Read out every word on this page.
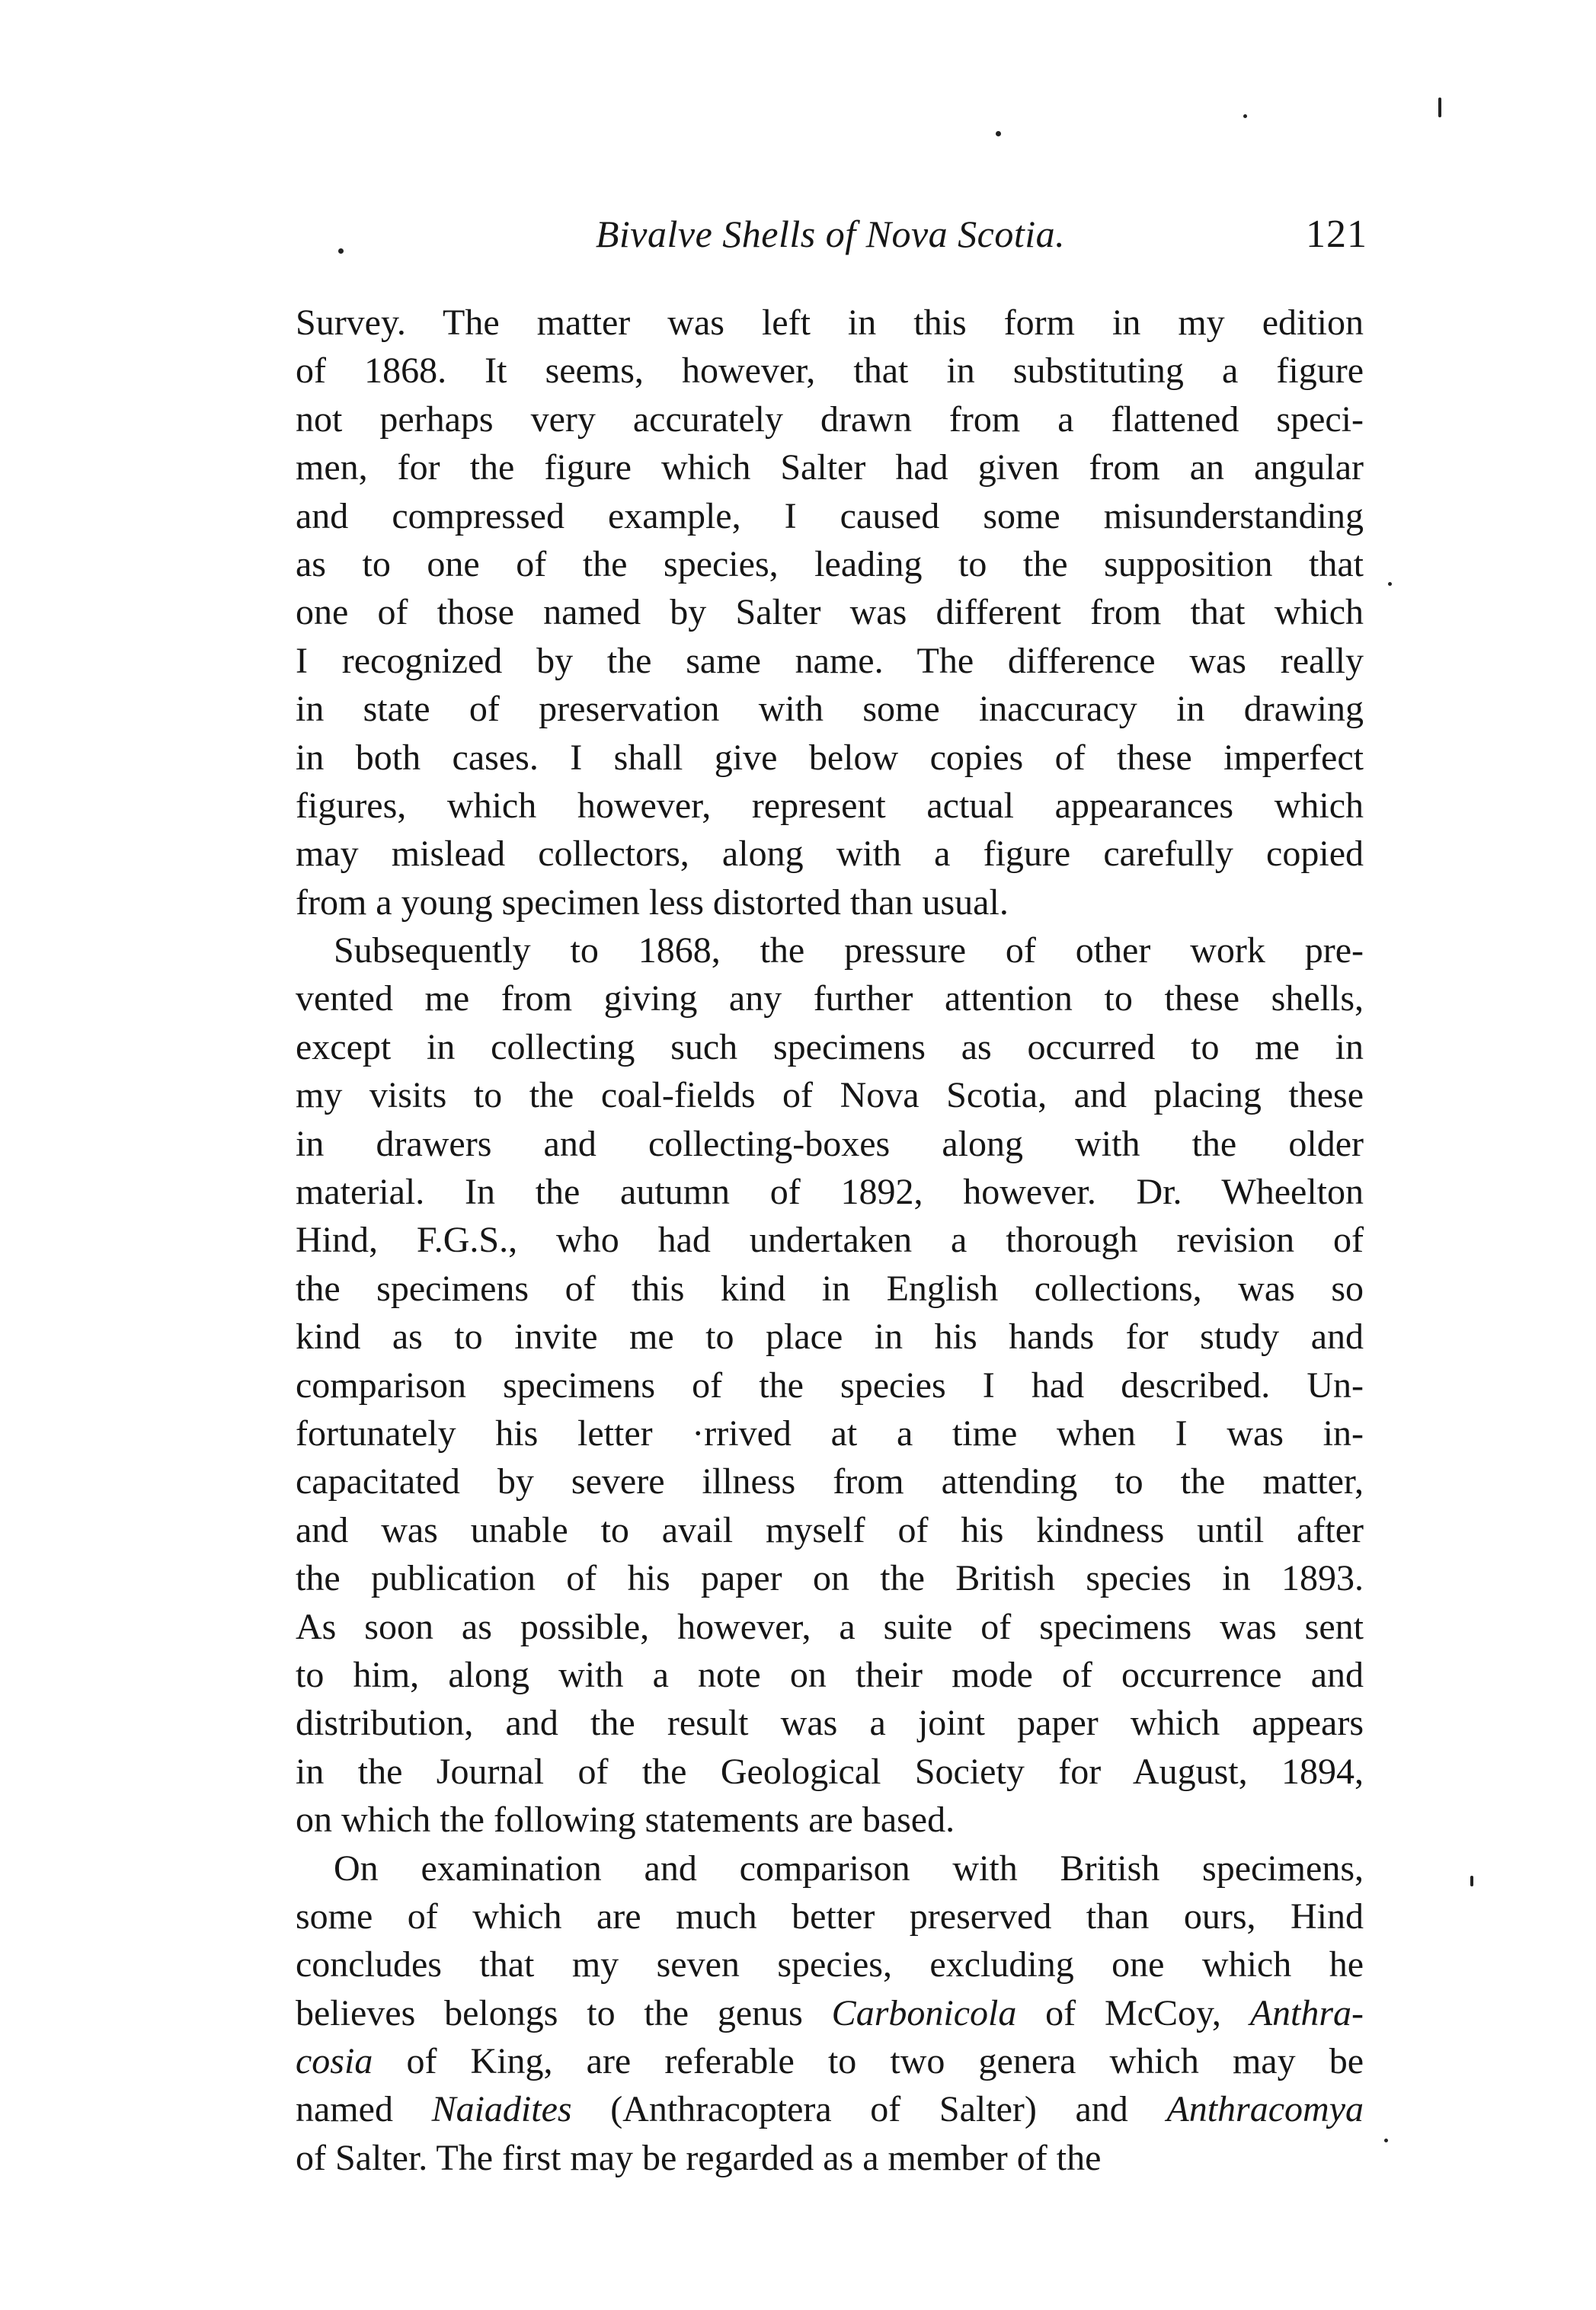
Bivalve Shells of Nova Scotia.	121
Survey. The matter was left in this form in my edition
of 1868. It seems, however, that in substituting a figure
not perhaps very accurately drawn from a flattened speci-
men, for the figure which Salter had given from an angular
and compressed example, I caused some misunderstanding
as to one of the species, leading to the supposition that
one of those named by Salter was different from that which
I recognized by the same name. The difference was really
in state of preservation with some inaccuracy in drawing
in both cases. I shall give below copies of these imperfect
figures, which however, represent actual appearances which
may mislead collectors, along with a figure carefully copied
from a young specimen less distorted than usual.
Subsequently to 1868, the pressure of other work pre-
vented me from giving any further attention to these shells,
except in collecting such specimens as occurred to me in
my visits to the coal-fields of Nova Scotia, and placing these
in drawers and collecting-boxes along with the older
material. In the autumn of 1892, however. Dr. Wheelton
Hind, F.G.S., who had undertaken a thorough revision of
the specimens of this kind in English collections, was so
kind as to invite me to place in his hands for study and
comparison specimens of the species I had described. Un-
fortunately his letter ·rrived at a time when I was in-
capacitated by severe illness from attending to the matter,
and was unable to avail myself of his kindness until after
the publication of his paper on the British species in 1893.
As soon as possible, however, a suite of specimens was sent
to him, along with a note on their mode of occurrence and
distribution, and the result was a joint paper which appears
in the Journal of the Geological Society for August, 1894,
on which the following statements are based.
On examination and comparison with British specimens,
some of which are much better preserved than ours, Hind
concludes that my seven species, excluding one which he
believes belongs to the genus Carbonicola of McCoy, Anthra-
cosia of King, are referable to two genera which may be
named Naiadites (Anthracoptera of Salter) and Anthracomya
of Salter. The first may be regarded as a member of the
